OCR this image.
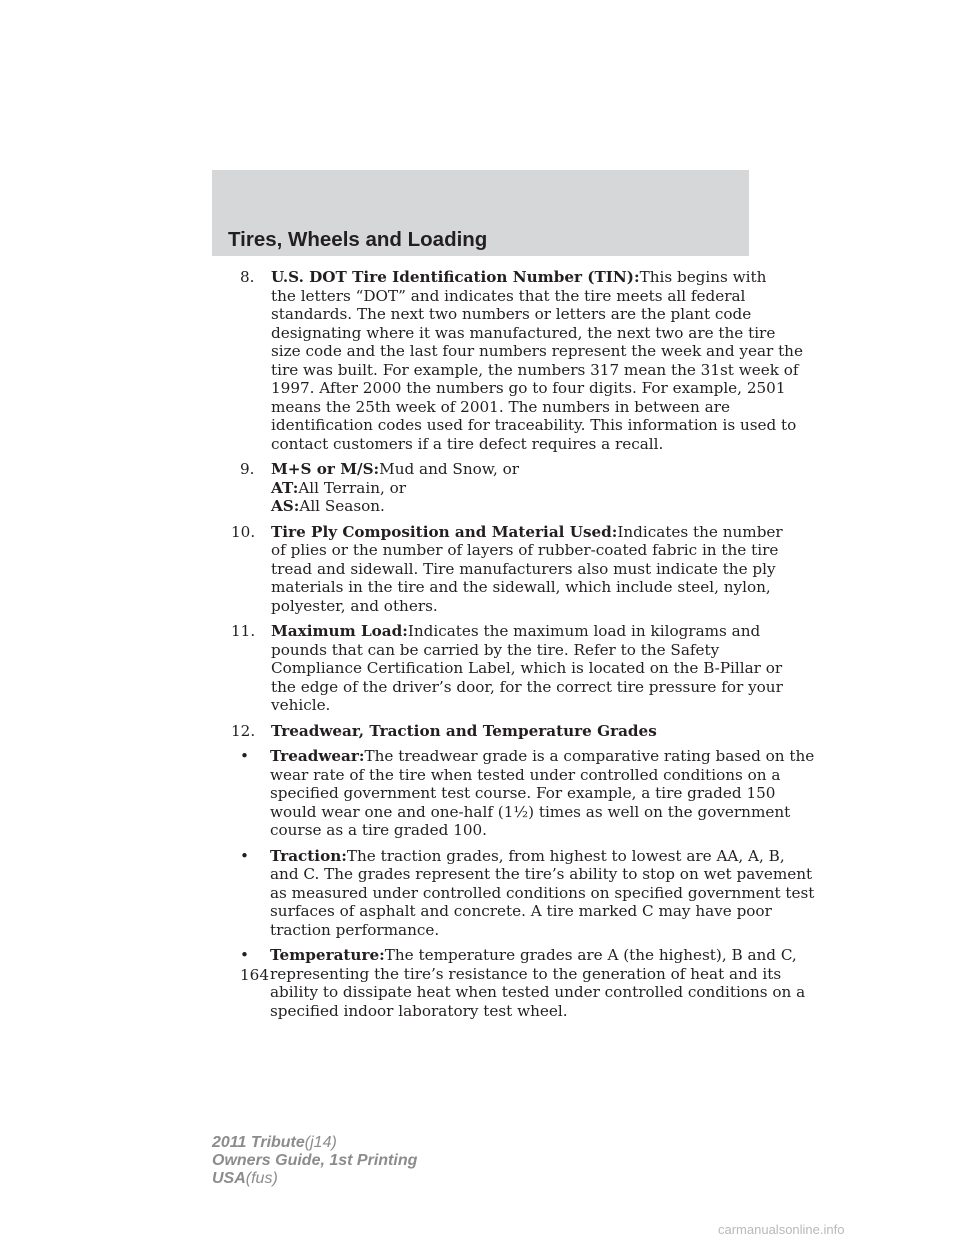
Tires, Wheels and Loading
8.	U.S. DOT Tire Identification Number (TIN):This begins with
the letters “DOT” and indicates that the tire meets all federal
standards. The next two numbers or letters are the plant code
designating where it was manufactured, the next two are the tire
size code and the last four numbers represent the week and year the
tire was built. For example, the numbers 317 mean the 31st week of
1997. After 2000 the numbers go to four digits. For example, 2501
means the 25th week of 2001. The numbers in between are
identification codes used for traceability. This information is used to
contact customers if a tire defect requires a recall.
9.	M+S or M/S:Mud and Snow, or
AT:All Terrain, or
AS:All Season.
10.	Tire Ply Composition and Material Used:Indicates the number
of plies or the number of layers of rubber-coated fabric in the tire
tread and sidewall. Tire manufacturers also must indicate the ply
materials in the tire and the sidewall, which include steel, nylon,
polyester, and others.
11.	Maximum Load:Indicates the maximum load in kilograms and
pounds that can be carried by the tire. Refer to the Safety
Compliance Certification Label, which is located on the B-Pillar or
the edge of the driver’s door, for the correct tire pressure for your
vehicle.
12.	Treadwear, Traction and Temperature Grades
• Treadwear:The treadwear grade is a comparative rating based on the
wear rate of the tire when tested under controlled conditions on a
specified government test course. For example, a tire graded 150
would wear one and one-half (1½) times as well on the government
course as a tire graded 100.
• Traction:The traction grades, from highest to lowest are AA, A, B,
and C. The grades represent the tire’s ability to stop on wet pavement
as measured under controlled conditions on specified government test
surfaces of asphalt and concrete. A tire marked C may have poor
traction performance.
• Temperature:The temperature grades are A (the highest), B and C,
representing the tire’s resistance to the generation of heat and its
ability to dissipate heat when tested under controlled conditions on a
specified indoor laboratory test wheel.
164
2011 Tribute(j14)
Owners Guide, 1st Printing
USA(fus)
carmanualsonline.info
